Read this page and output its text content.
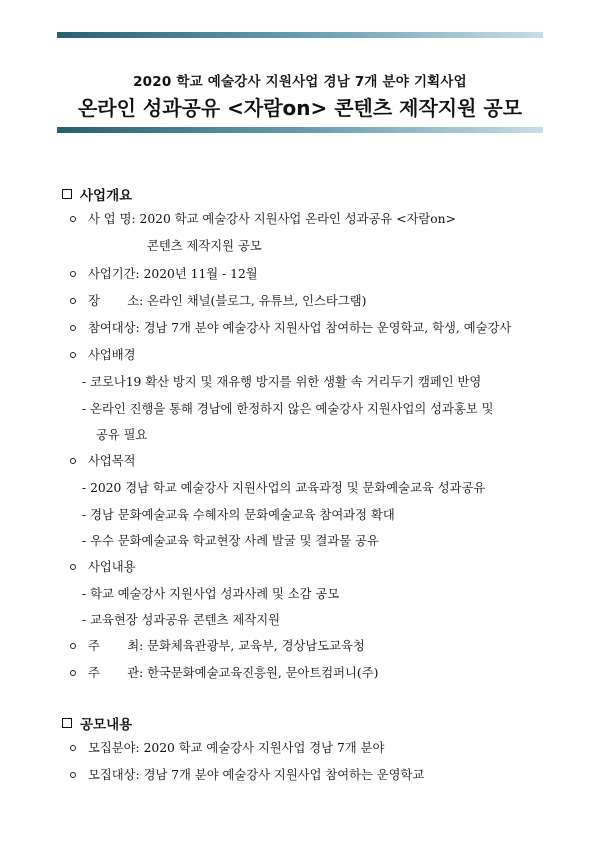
2020 학교 예술강사 지원사업 경남 7개 분야 기획사업
온라인 성과공유 <자람on> 콘텐츠 제작지원 공모
사업개요
사 업 명: 2020 학교 예술강사 지원사업 온라인 성과공유 <자람on>
콘텐츠 제작지원 공모
사업기간: 2020년 11월 - 12월
장       소: 온라인 채널(블로그, 유튜브, 인스타그램)
참여대상: 경남 7개 분야 예술강사 지원사업 참여하는 운영학교, 학생, 예술강사
사업배경
- 코로나19 확산 방지 및 재유행 방지를 위한 생활 속 거리두기 캠페인 반영
- 온라인 진행을 통해 경남에 한정하지 않은 예술강사 지원사업의 성과홍보 및
공유 필요
사업목적
- 2020 경남 학교 예술강사 지원사업의 교육과정 및 문화예술교육 성과공유
- 경남 문화예술교육 수혜자의 문화예술교육 참여과정 확대
- 우수 문화예술교육 학교현장 사례 발굴 및 결과물 공유
사업내용
- 학교 예술강사 지원사업 성과사례 및 소감 공모
- 교육현장 성과공유 콘텐츠 제작지원
주       최: 문화체육관광부, 교육부, 경상남도교육청
주       관: 한국문화예술교육진흥원, 문아트컴퍼니(주)
공모내용
모집분야: 2020 학교 예술강사 지원사업 경남 7개 분야
모집대상: 경남 7개 분야 예술강사 지원사업 참여하는 운영학교
